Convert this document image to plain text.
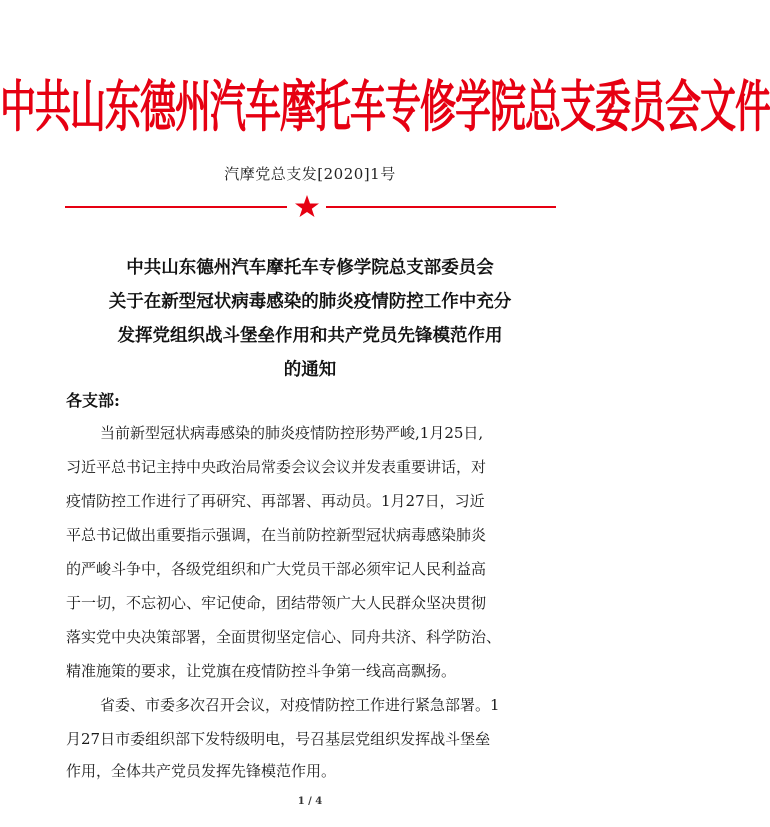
中共山东德州汽车摩托车专修学院总支委员会文件
汽摩党总支发[2020]1号
中共山东德州汽车摩托车专修学院总支部委员会
关于在新型冠状病毒感染的肺炎疫情防控工作中充分
发挥党组织战斗堡垒作用和共产党员先锋模范作用
的通知
各支部:
当前新型冠状病毒感染的肺炎疫情防控形势严峻,1月25日,
习近平总书记主持中央政治局常委会议会议并发表重要讲话，对
疫情防控工作进行了再研究、再部署、再动员。1月27日，习近
平总书记做出重要指示强调，在当前防控新型冠状病毒感染肺炎
的严峻斗争中，各级党组织和广大党员干部必须牢记人民利益高
于一切，不忘初心、牢记使命，团结带领广大人民群众坚决贯彻
落实党中央决策部署，全面贯彻坚定信心、同舟共济、科学防治、
精准施策的要求，让党旗在疫情防控斗争第一线高高飘扬。
省委、市委多次召开会议，对疫情防控工作进行紧急部署。1
月27日市委组织部下发特级明电，号召基层党组织发挥战斗堡垒
作用，全体共产党员发挥先锋模范作用。
1 / 4
